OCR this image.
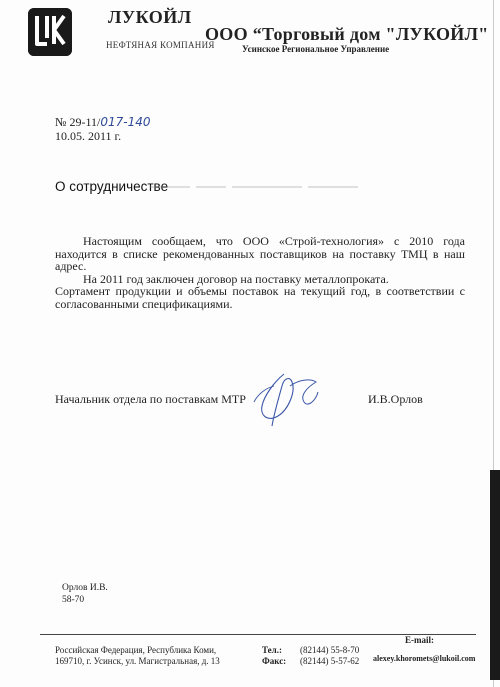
ЛУКОЙЛ
НЕФТЯНАЯ КОМПАНИЯ
ООО “Торговый дом "ЛУКОЙЛ"
Усинское Региональное Управление
№ 29-11/017-140
10.05. 2011 г.
О сотрудничестве

Настоящим сообщаем, что ООО «Строй-технология» с 2010 года находится в списке рекомендованных поставщиков на поставку ТМЦ в наш адрес.

На 2011 год заключен договор на поставку металлопроката.

Сортамент продукции и объемы поставок на текущий год, в соответствии с согласованными спецификациями.

Начальник отдела по поставкам МТР	И.В.Орлов
Орлов И.В.
58-70
Российская Федерация, Республика Коми,
169710, г. Усинск, ул. Магистральная, д. 13
Тел.:
Факс:
(82144) 55-8-70
(82144) 5-57-62
E-mail:
alexey.khoromets@lukoil.com
